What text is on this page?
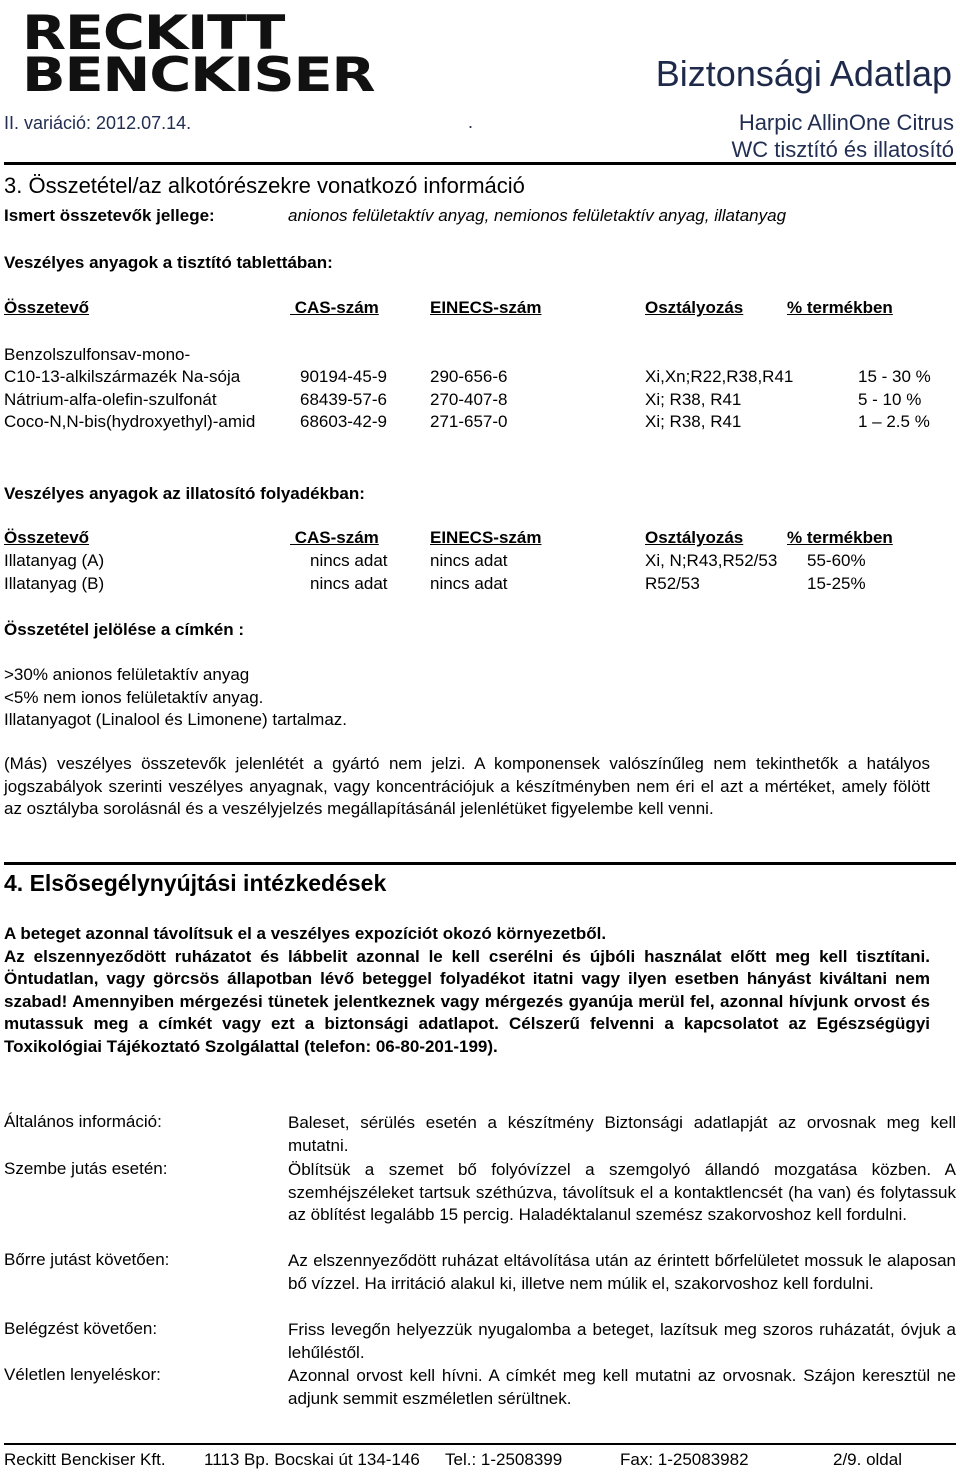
RECKITT
BENCKISER	Biztonsági Adatlap
II. variáció: 2012.07.14.	.	Harpic AllinOne Citrus
WC tisztító és illatosító
3. Összetétel/az alkotórészekre vonatkozó információ
Ismert összetevők jellege:	anionos felületaktív anyag, nemionos felületaktív anyag, illatanyag
Veszélyes anyagok a tisztító tablettában:
Összetevő	CAS-szám	EINECS-szám	Osztályozás	% termékben
Benzolszulfonsav-mono-
C10-13-alkilszármazék Na-sója	90194-45-9	290-656-6	Xi,Xn;R22,R38,R41	15 - 30 %
Nátrium-alfa-olefin-szulfonát	68439-57-6	270-407-8	Xi; R38, R41	5 - 10 %
Coco-N,N-bis(hydroxyethyl)-amid	68603-42-9	271-657-0	Xi; R38, R41	1 – 2.5 %
Veszélyes anyagok az illatosító folyadékban:
Összetevő	CAS-szám	EINECS-szám	Osztályozás	% termékben
Illatanyag (A)	nincs adat	nincs adat	Xi, N;R43,R52/53 55-60%
Illatanyag (B)	nincs adat	nincs adat	R52/53	15-25%
Összetétel jelölése a címkén :
>30% anionos felületaktív anyag
<5% nem ionos felületaktív anyag.
Illatanyagot (Linalool és Limonene) tartalmaz.
(Más) veszélyes összetevők jelenlétét a gyártó nem jelzi. A komponensek valószínűleg nem tekinthetők a hatályos jogszabályok szerinti veszélyes anyagnak, vagy koncentrációjuk a készítményben nem éri el azt a mértéket, amely fölött az osztályba sorolásnál és a veszélyjelzés megállapításánál jelenlétüket figyelembe kell venni.
4. Elsõsegélynyújtási intézkedések
A beteget azonnal távolítsuk el a veszélyes expozíciót okozó környezetből.
Az elszennyeződött ruházatot és lábbelit azonnal le kell cserélni és újbóli használat előtt meg kell tisztítani. Öntudatlan, vagy görcsös állapotban lévő beteggel folyadékot itatni vagy ilyen esetben hányást kiváltani nem szabad! Amennyiben mérgezési tünetek jelentkeznek vagy mérgezés gyanúja merül fel, azonnal hívjunk orvost és mutassuk meg a címkét vagy ezt a biztonsági adatlapot. Célszerű felvenni a kapcsolatot az Egészségügyi Toxikológiai Tájékoztató Szolgálattal (telefon: 06-80-201-199).
Általános információ:	Baleset, sérülés esetén a készítmény Biztonsági adatlapját az orvosnak meg kell mutatni.
Szembe jutás esetén:	Öblítsük a szemet bő folyóvízzel a szemgolyó állandó mozgatása közben. A szemhéjszéleket tartsuk széthúzva, távolítsuk el a kontaktlencsét (ha van) és folytassuk az öblítést legalább 15 percig. Haladéktalanul szemész szakorvoshoz kell fordulni.
Bőrre jutást követően:	Az elszennyeződött ruházat eltávolítása után az érintett bőrfelületet mossuk le alaposan bő vízzel. Ha irritáció alakul ki, illetve nem múlik el, szakorvoshoz kell fordulni.
Belégzést követően:	Friss levegőn helyezzük nyugalomba a beteget, lazítsuk meg szoros ruházatát, óvjuk a lehűléstől.
Véletlen lenyeléskor:	Azonnal orvost kell hívni. A címkét meg kell mutatni az orvosnak. Szájon keresztül ne adjunk semmit eszméletlen sérültnek.
Reckitt Benckiser Kft. 1113 Bp. Bocskai út 134-146 Tel.: 1-2508399	Fax: 1-25083982	2/9. oldal
